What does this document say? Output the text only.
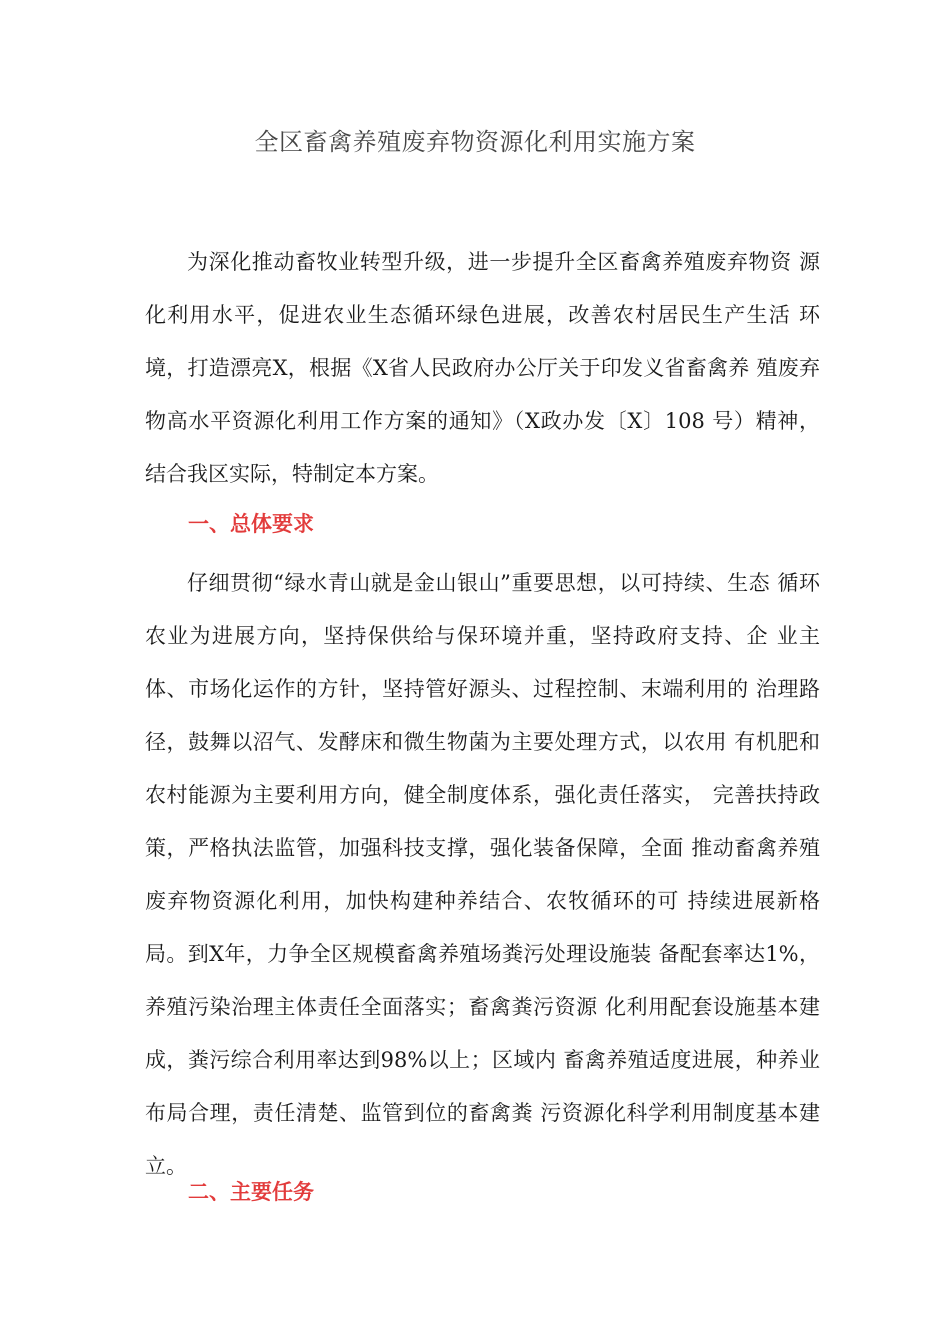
全区畜禽养殖废弃物资源化利用实施方案

为深化推动畜牧业转型升级，进一步提升全区畜禽养殖废弃物资 源化利用水平，促进农业生态循环绿色进展，改善农村居民生产生活 环境，打造漂亮X，根据《X省人民政府办公厅关于印发义省畜禽养 殖废弃物高水平资源化利用工作方案的通知》（X政办发〔X〕108 号）精神，结合我区实际，特制定本方案。

一、总体要求

仔细贯彻“绿水青山就是金山银山”重要思想，以可持续、生态 循环农业为进展方向，坚持保供给与保环境并重，坚持政府支持、企 业主体、市场化运作的方针，坚持管好源头、过程控制、末端利用的 治理路径，鼓舞以沼气、发酵床和微生物菌为主要处理方式，以农用 有机肥和农村能源为主要利用方向，健全制度体系，强化责任落实， 完善扶持政策，严格执法监管，加强科技支撑，强化装备保障，全面 推动畜禽养殖废弃物资源化利用，加快构建种养结合、农牧循环的可 持续进展新格局。到X年，力争全区规模畜禽养殖场粪污处理设施装 备配套率达1%，养殖污染治理主体责任全面落实；畜禽粪污资源 化利用配套设施基本建成，粪污综合利用率达到98%以上；区域内 畜禽养殖适度进展，种养业布局合理，责任清楚、监管到位的畜禽粪 污资源化科学利用制度基本建立。

二、主要任务
